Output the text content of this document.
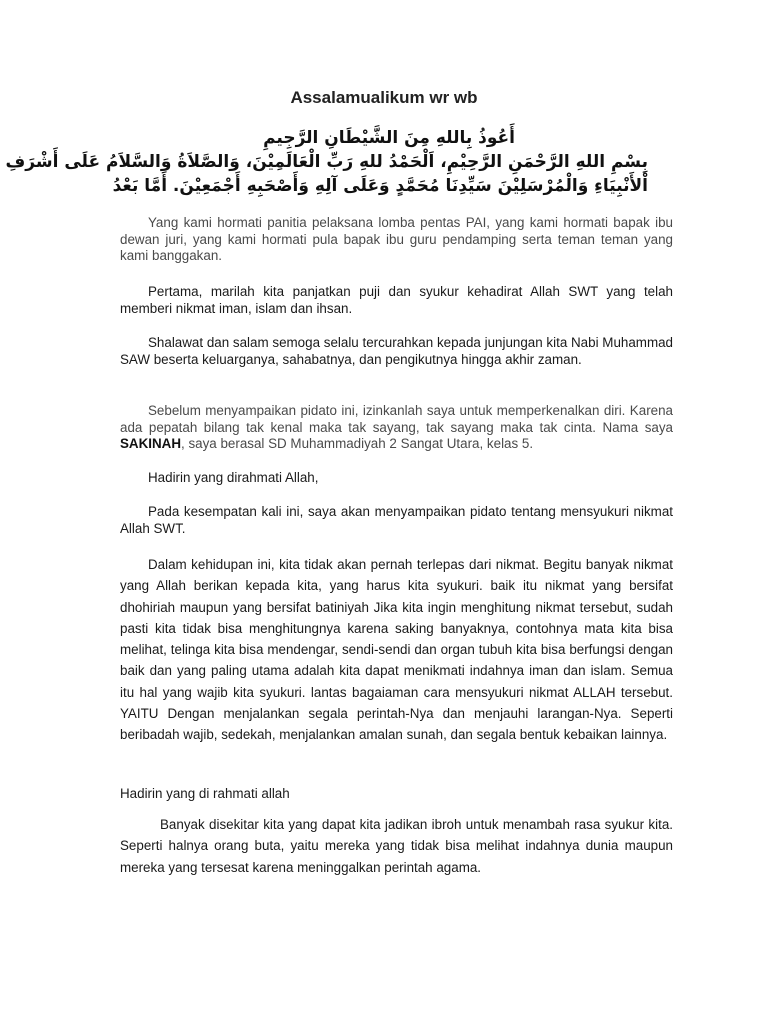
Assalamualikum wr wb
أَعُوذُ بِاللهِ مِنَ الشَّيْطَانِ الرَّجِيمِ
بِسْمِ اللهِ الرَّحْمَنِ الرَّحِيْمِ، اَلْحَمْدُ للهِ رَبِّ الْعَالَمِيْنَ، وَالصَّلاَةُ وَالسَّلاَمُ عَلَى أَشْرَفِ
اْلأَنْبِيَاءِ وَالْمُرْسَلِيْنَ سَيِّدِنَا مُحَمَّدٍ وَعَلَى آلِهِ وَأَصْحَبِهِ أَجْمَعِيْنَ. أَمَّا بَعْدُ
Yang kami hormati panitia pelaksana lomba pentas PAI, yang kami hormati bapak ibu dewan juri, yang kami hormati pula bapak ibu guru pendamping serta teman teman yang kami banggakan.
Pertama, marilah kita panjatkan puji dan syukur kehadirat Allah SWT yang telah memberi nikmat iman, islam dan ihsan.
Shalawat dan salam semoga selalu tercurahkan kepada junjungan kita Nabi Muhammad SAW beserta keluarganya, sahabatnya, dan pengikutnya hingga akhir zaman.
Sebelum menyampaikan pidato ini, izinkanlah saya untuk memperkenalkan diri. Karena ada pepatah bilang tak kenal maka tak sayang, tak sayang maka tak cinta. Nama saya SAKINAH, saya berasal SD Muhammadiyah 2 Sangat Utara, kelas 5.
Hadirin yang dirahmati Allah,
Pada kesempatan kali ini, saya akan menyampaikan pidato tentang mensyukuri nikmat Allah SWT.
Dalam kehidupan ini, kita tidak akan pernah terlepas dari nikmat. Begitu banyak nikmat yang Allah berikan kepada kita, yang harus kita syukuri. baik itu nikmat yang bersifat dhohiriah maupun yang bersifat batiniyah Jika kita ingin menghitung nikmat tersebut, sudah pasti kita tidak bisa menghitungnya karena saking banyaknya, contohnya mata kita bisa melihat, telinga kita bisa mendengar, sendi-sendi dan organ tubuh kita bisa berfungsi dengan baik dan yang paling utama adalah kita dapat menikmati indahnya iman dan islam. Semua itu hal yang wajib kita syukuri. lantas bagaiaman cara mensyukuri nikmat ALLAH tersebut. YAITU Dengan menjalankan segala perintah-Nya dan menjauhi larangan-Nya. Seperti beribadah wajib, sedekah, menjalankan amalan sunah, dan segala bentuk kebaikan lainnya.
Hadirin yang di rahmati allah
Banyak disekitar kita yang dapat kita jadikan ibroh untuk menambah rasa syukur kita. Seperti halnya orang buta, yaitu mereka yang tidak bisa melihat indahnya dunia maupun mereka yang tersesat karena meninggalkan perintah agama.
